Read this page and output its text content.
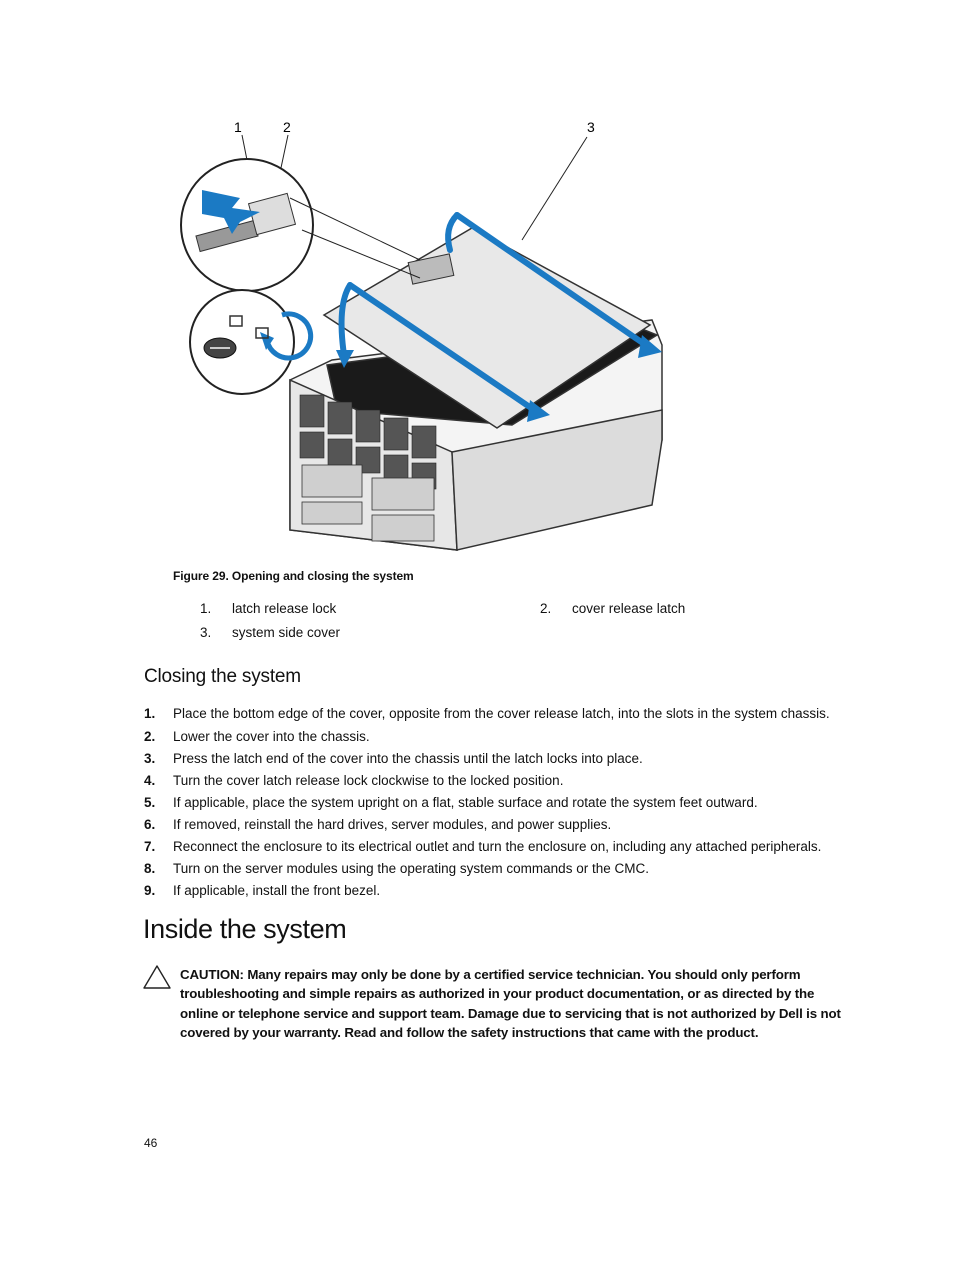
1	2	3
Figure 29. Opening and closing the system
1. latch release lock	2. cover release latch
3. system side cover
Closing the system
1. Place the bottom edge of the cover, opposite from the cover release latch, into the slots in the system chassis.
2. Lower the cover into the chassis.
3. Press the latch end of the cover into the chassis until the latch locks into place.
4. Turn the cover latch release lock clockwise to the locked position.
5. If applicable, place the system upright on a flat, stable surface and rotate the system feet outward.
6. If removed, reinstall the hard drives, server modules, and power supplies.
7. Reconnect the enclosure to its electrical outlet and turn the enclosure on, including any attached peripherals.
8. Turn on the server modules using the operating system commands or the CMC.
9. If applicable, install the front bezel.
Inside the system
CAUTION: Many repairs may only be done by a certified service technician. You should only perform troubleshooting and simple repairs as authorized in your product documentation, or as directed by the online or telephone service and support team. Damage due to servicing that is not authorized by Dell is not covered by your warranty. Read and follow the safety instructions that came with the product.
46
